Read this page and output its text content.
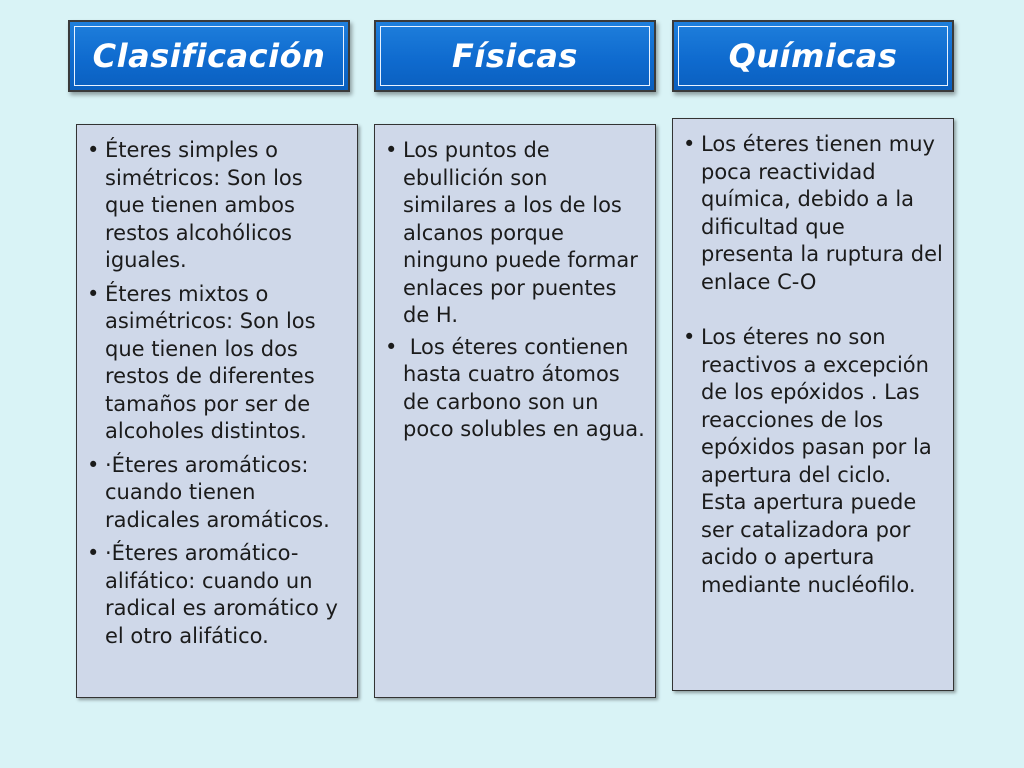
Clasificación	Físicas	Químicas
• Éteres simples o simétricos: Son los que tienen ambos restos alcohólicos iguales.
• Éteres mixtos o asimétricos: Son los que tienen los dos restos de diferentes tamaños por ser de alcoholes distintos.
• ·Éteres aromáticos: cuando tienen radicales aromáticos.
• ·Éteres aromático-alifático: cuando un radical es aromático y el otro alifático.
• Los puntos de ebullición son similares a los de los alcanos porque ninguno puede formar enlaces por puentes de H.
• Los éteres contienen hasta cuatro átomos de carbono son un poco solubles en agua.
• Los éteres tienen muy poca reactividad química, debido a la dificultad que presenta la ruptura del enlace C-O
• Los éteres no son reactivos a excepción de los epóxidos . Las reacciones de los epóxidos pasan por la apertura del ciclo. Esta apertura puede ser catalizadora por acido o apertura mediante nucléofilo.
